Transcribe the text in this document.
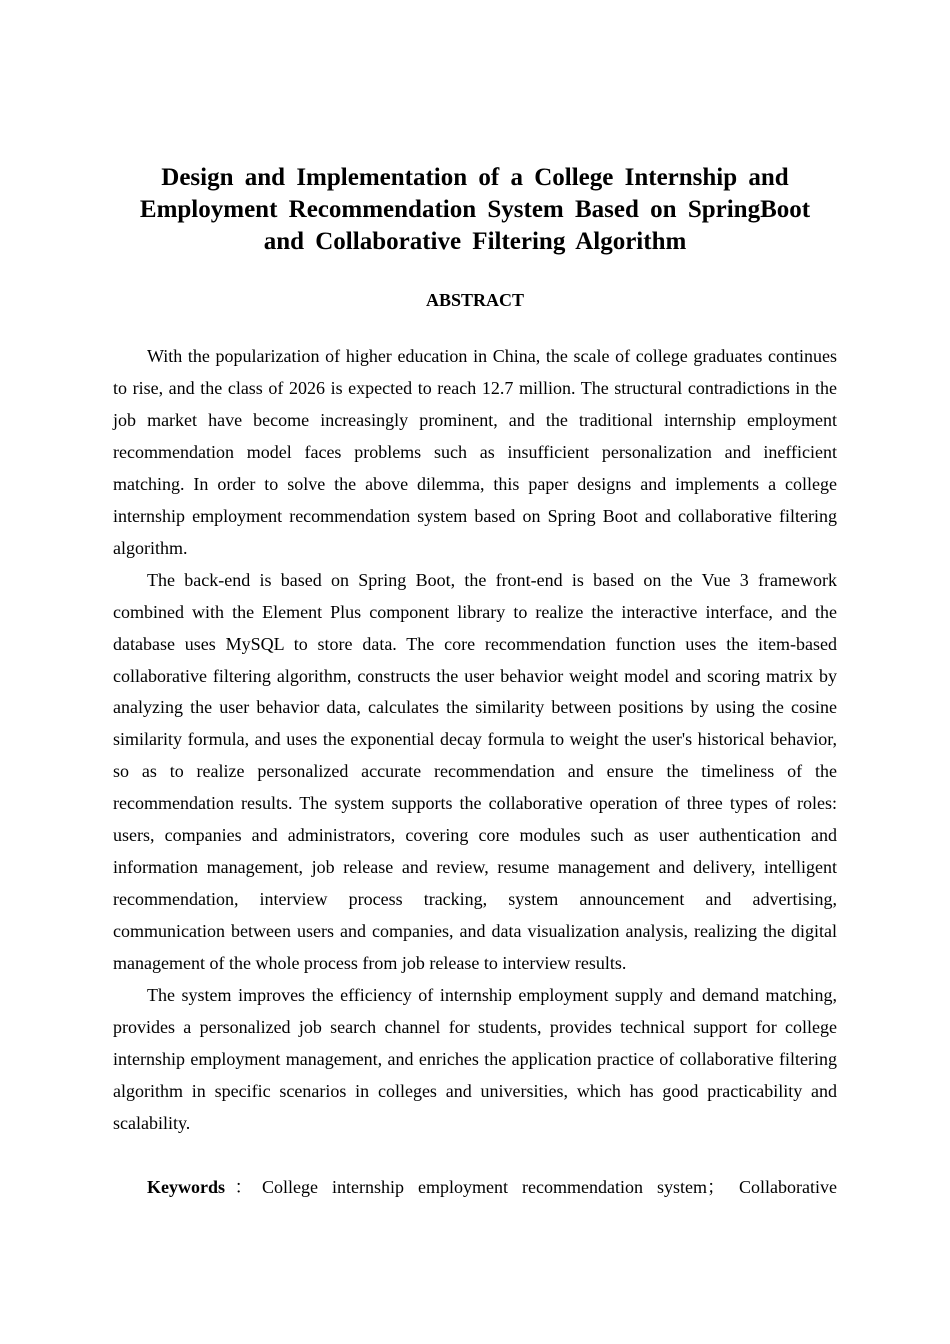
Design and Implementation of a College Internship and
Employment Recommendation System Based on SpringBoot
and Collaborative Filtering Algorithm
ABSTRACT

With the popularization of higher education in China, the scale of college graduates continues to rise, and the class of 2026 is expected to reach 12.7 million. The structural contradictions in the job market have become increasingly prominent, and the traditional internship employment recommendation model faces problems such as insufficient personalization and inefficient matching. In order to solve the above dilemma, this paper designs and implements a college internship employment recommendation system based on Spring Boot and collaborative filtering algorithm.

The back-end is based on Spring Boot, the front-end is based on the Vue 3 framework combined with the Element Plus component library to realize the interactive interface, and the database uses MySQL to store data. The core recommendation function uses the item-based collaborative filtering algorithm, constructs the user behavior weight model and scoring matrix by analyzing the user behavior data, calculates the similarity between positions by using the cosine similarity formula, and uses the exponential decay formula to weight the user's historical behavior, so as to realize personalized accurate recommendation and ensure the timeliness of the recommendation results. The system supports the collaborative operation of three types of roles: users, companies and administrators, covering core modules such as user authentication and information management, job release and review, resume management and delivery, intelligent recommendation, interview process tracking, system announcement and advertising, communication between users and companies, and data visualization analysis, realizing the digital management of the whole process from job release to interview results.

The system improves the efficiency of internship employment supply and demand matching, provides a personalized job search channel for students, provides technical support for college internship employment management, and enriches the application practice of collaborative filtering algorithm in specific scenarios in colleges and universities, which has good practicability and scalability.

Keywords：College internship employment recommendation system； Collaborative
